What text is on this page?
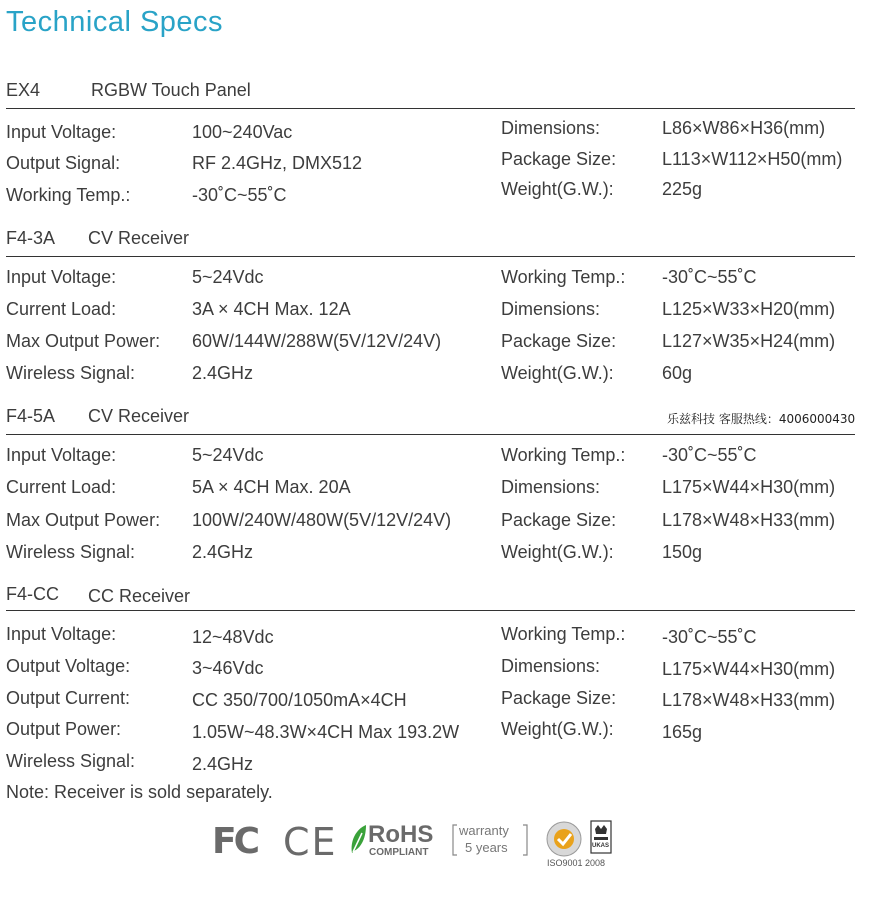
Technical Specs
EX4	RGBW Touch Panel
Input Voltage:	100~240Vac
Output Signal:	RF 2.4GHz, DMX512
Working Temp.:	-30˚C~55˚C
Dimensions:	L86×W86×H36(mm)
Package Size:	L113×W112×H50(mm)
Weight(G.W.):	225g
F4-3A CV Receiver
Input Voltage:	5~24Vdc
Current Load:	3A × 4CH Max. 12A
Max Output Power: 60W/144W/288W(5V/12V/24V)
Wireless Signal:	2.4GHz
Working Temp.: -30˚C~55˚C
Dimensions:	L125×W33×H20(mm)
Package Size:	L127×W35×H24(mm)
Weight(G.W.):	60g
F4-5A CV Receiver	乐兹科技 客服热线：4006000430
Input Voltage:	5~24Vdc
Current Load:	5A × 4CH Max. 20A
Max Output Power: 100W/240W/480W(5V/12V/24V)
Wireless Signal:	2.4GHz
Working Temp.: -30˚C~55˚C
Dimensions:	L175×W44×H30(mm)
Package Size:	L178×W48×H33(mm)
Weight(G.W.):	150g
F4-CC CC Receiver
Input Voltage:	12~48Vdc
Output Voltage:	3~46Vdc
Output Current:	CC 350/700/1050mA×4CH
Output Power:	1.05W~48.3W×4CH Max 193.2W
Wireless Signal:	2.4GHz
Working Temp.: -30˚C~55˚C
Dimensions:	L175×W44×H30(mm)
Package Size:	L178×W48×H33(mm)
Weight(G.W.):	165g
Note: Receiver is sold separately.
FC CE RoHS
COMPLIANT
warranty
5 years	UKAS
ISO9001 2008
